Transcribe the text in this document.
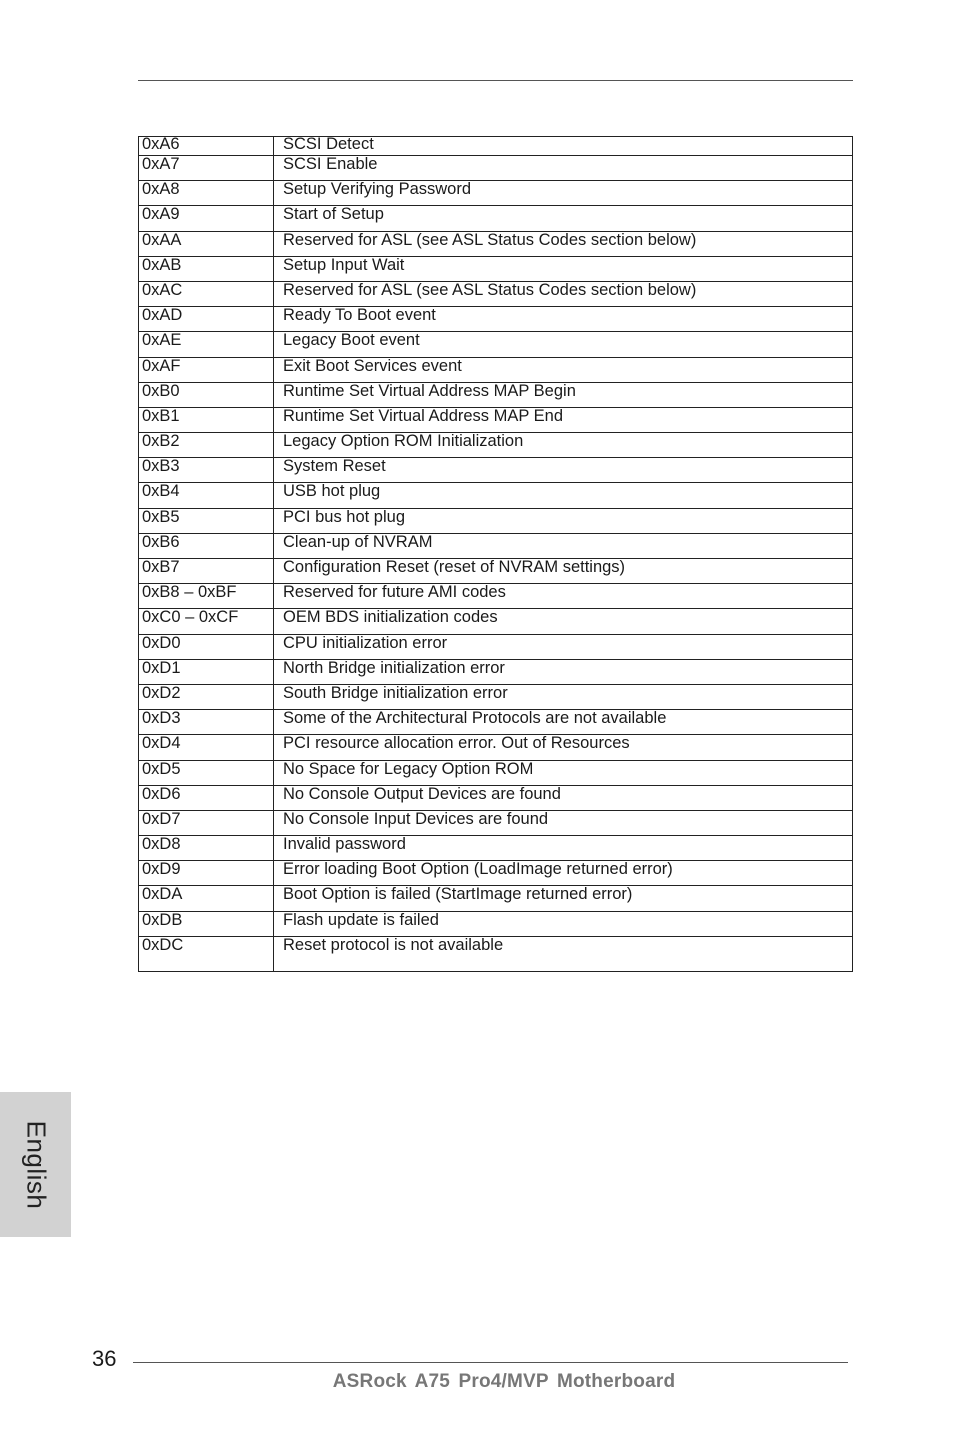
0xA6	SCSI Detect
0xA7	SCSI Enable
0xA8	Setup Verifying Password
0xA9	Start of Setup
0xAA	Reserved for ASL (see ASL Status Codes section below)
0xAB	Setup Input Wait
0xAC	Reserved for ASL (see ASL Status Codes section below)
0xAD	Ready To Boot event
0xAE	Legacy Boot event
0xAF	Exit Boot Services event
0xB0	Runtime Set Virtual Address MAP Begin
0xB1	Runtime Set Virtual Address MAP End
0xB2	Legacy Option ROM Initialization
0xB3	System Reset
0xB4	USB hot plug
0xB5	PCI bus hot plug
0xB6	Clean-up of NVRAM
0xB7	Configuration Reset (reset of NVRAM settings)
0xB8 – 0xBF	Reserved for future AMI codes
0xC0 – 0xCF	OEM BDS initialization codes
0xD0	CPU initialization error
0xD1	North Bridge initialization error
0xD2	South Bridge initialization error
0xD3	Some of the Architectural Protocols are not available
0xD4	PCI resource allocation error. Out of Resources
0xD5	No Space for Legacy Option ROM
0xD6	No Console Output Devices are found
0xD7	No Console Input Devices are found
0xD8	Invalid password
0xD9	Error loading Boot Option (LoadImage returned error)
0xDA	Boot Option is failed (StartImage returned error)
0xDB	Flash update is failed
0xDC	Reset protocol is not available
English
36
ASRock A75 Pro4/MVP Motherboard
